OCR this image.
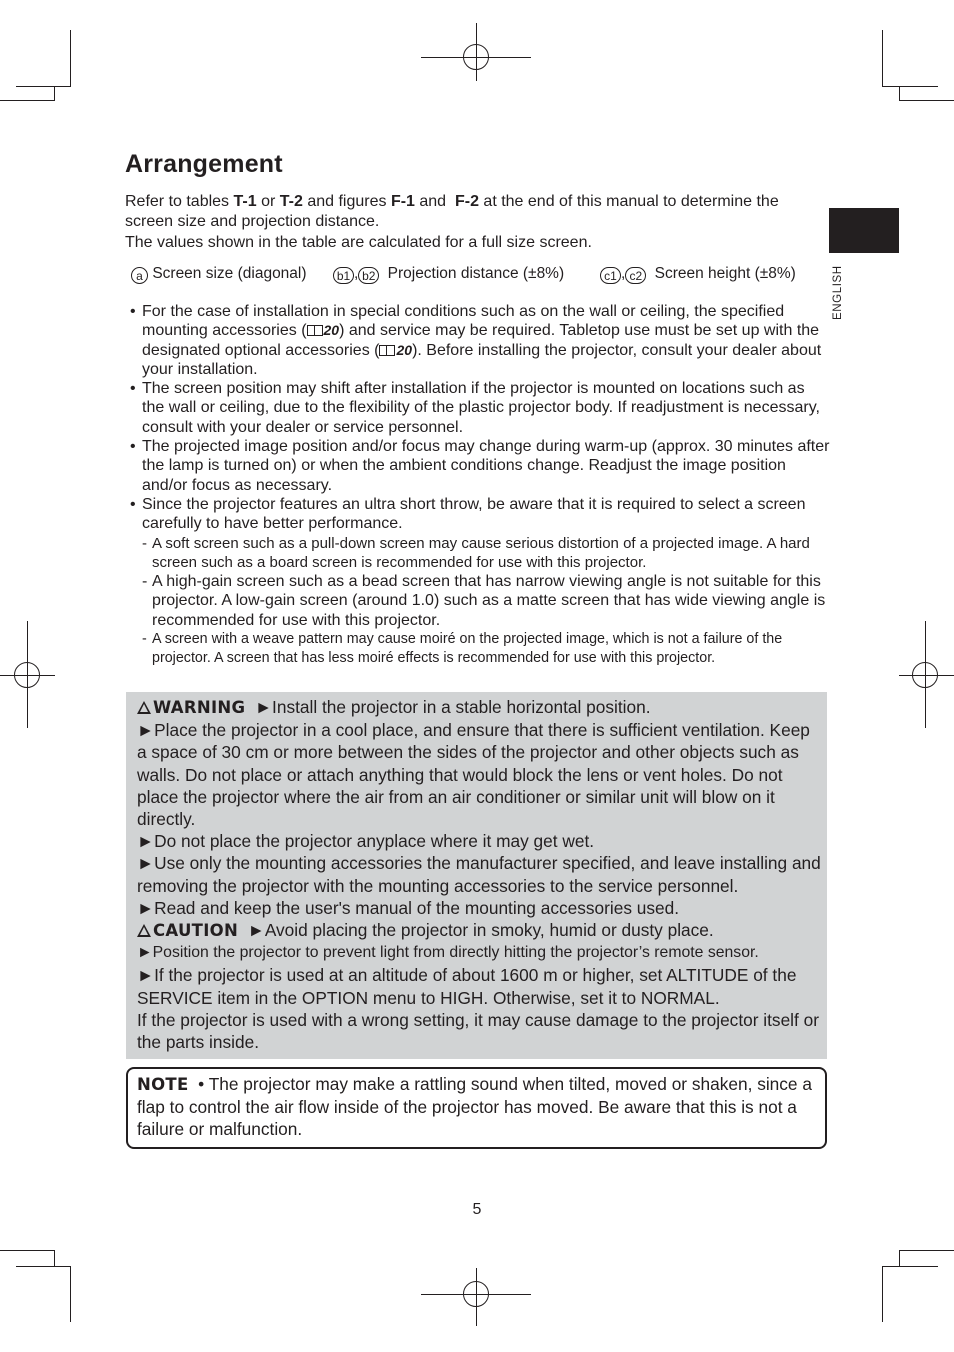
ENGLISH
Arrangement

Refer to tables T-1 or T-2 and figures F-1 and  F-2 at the end of this manual to determine the screen size and projection distance.

The values shown in the table are calculated for a full size screen.

a Screen size (diagonal)	b1 , b2 Projection distance (±8%)	c1 , c2 Screen height (±8%)
• For the case of installation in special conditions such as on the wall or ceiling, the specified mounting accessories ( 20) and service may be required. Tabletop use must be set up with the designated optional accessories ( 20). Before installing the projector, consult your dealer about your installation.
• The screen position may shift after installation if the projector is mounted on locations such as the wall or ceiling, due to the flexibility of the plastic projector body. If readjustment is necessary, consult with your dealer or service personnel.
• The projected image position and/or focus may change during warm-up (approx. 30 minutes after the lamp is turned on) or when the ambient conditions change. Readjust the image position and/or focus as necessary.
• Since the projector features an ultra short throw, be aware that it is required to select a screen carefully to have better performance.
- A soft screen such as a pull-down screen may cause serious distortion of a projected image. A hard screen such as a board screen is recommended for use with this projector.
- A high-gain screen such as a bead screen that has narrow viewing angle is not suitable for this projector. A low-gain screen (around 1.0) such as a matte screen that has wide viewing angle is recommended for use with this projector.
- A screen with a weave pattern may cause moiré on the projected image, which is not a failure of the projector. A screen that has less moiré effects is recommended for use with this projector.

WARNING ►Install the projector in a stable horizontal position.

►Place the projector in a cool place, and ensure that there is sufficient ventilation. Keep a space of 30 cm or more between the sides of the projector and other objects such as walls. Do not place or attach anything that would block the lens or vent holes. Do not place the projector where the air from an air conditioner or similar unit will blow on it directly.

►Do not place the projector anyplace where it may get wet.

►Use only the mounting accessories the manufacturer specified, and leave installing and removing the projector with the mounting accessories to the service personnel.

►Read and keep the user's manual of the mounting accessories used.

CAUTION ►Avoid placing the projector in smoky, humid or dusty place.

►Position the projector to prevent light from directly hitting the projector’s remote sensor.

►If the projector is used at an altitude of about 1600 m or higher, set ALTITUDE of the SERVICE item in the OPTION menu to HIGH. Otherwise, set it to NORMAL.

If the projector is used with a wrong setting, it may cause damage to the projector itself or the parts inside.

NOTE • The projector may make a rattling sound when tilted, moved or shaken, since a flap to control the air flow inside of the projector has moved. Be aware that this is not a failure or malfunction.

5
